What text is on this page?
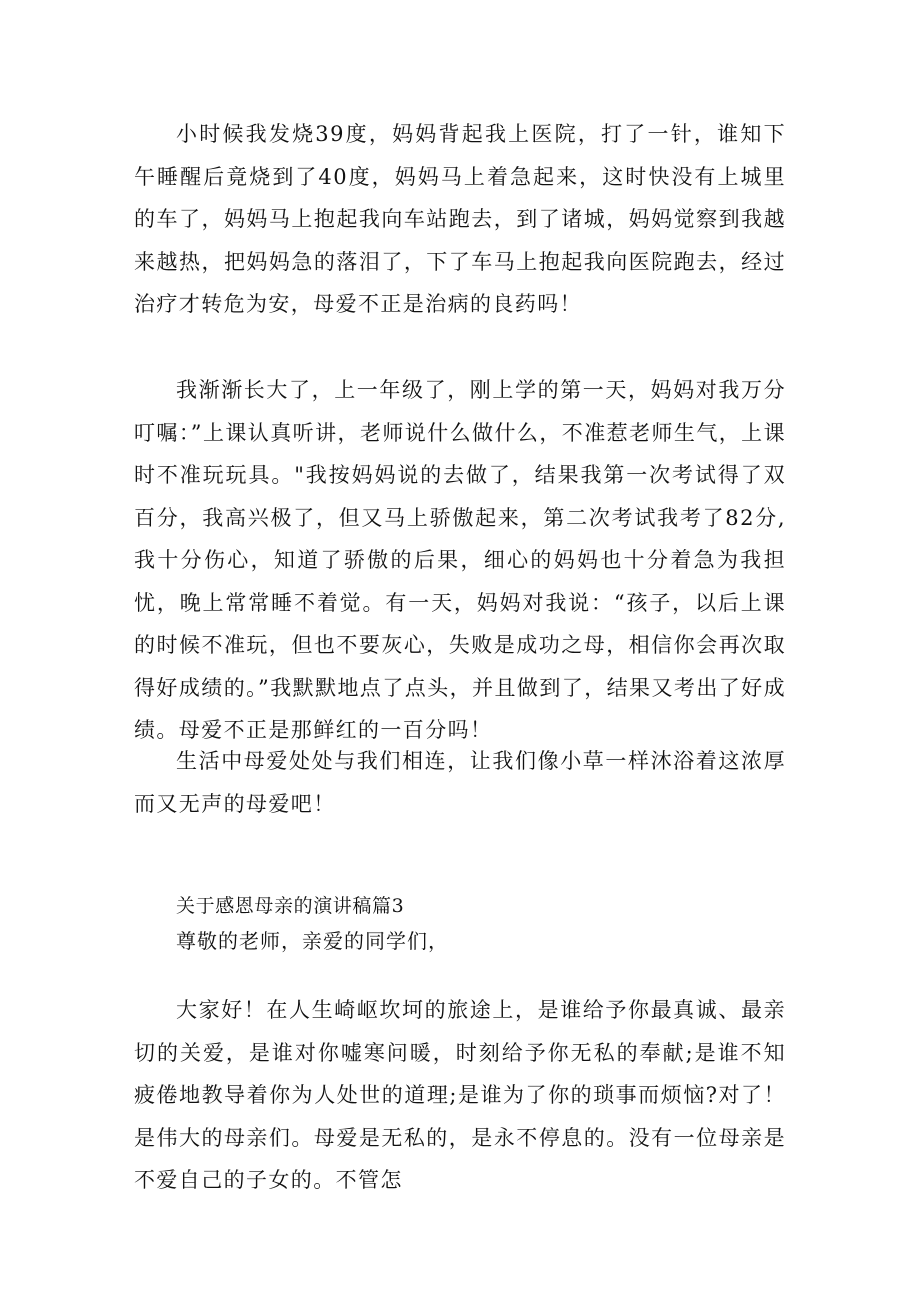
小时候我发烧39度，妈妈背起我上医院，打了一针，谁知下午睡醒后竟烧到了40度，妈妈马上着急起来，这时快没有上城里的车了，妈妈马上抱起我向车站跑去，到了诸城，妈妈觉察到我越来越热，把妈妈急的落泪了，下了车马上抱起我向医院跑去，经过治疗才转危为安，母爱不正是治病的良药吗！

我渐渐长大了，上一年级了，刚上学的第一天，妈妈对我万分叮嘱：”上课认真听讲，老师说什么做什么，不准惹老师生气，上课时不准玩玩具。"我按妈妈说的去做了，结果我第一次考试得了双百分，我高兴极了，但又马上骄傲起来，第二次考试我考了82分,我十分伤心，知道了骄傲的后果，细心的妈妈也十分着急为我担忧，晚上常常睡不着觉。有一天，妈妈对我说：“孩子，以后上课的时候不准玩，但也不要灰心，失败是成功之母，相信你会再次取得好成绩的。”我默默地点了点头，并且做到了，结果又考出了好成绩。母爱不正是那鲜红的一百分吗！

生活中母爱处处与我们相连，让我们像小草一样沐浴着这浓厚而又无声的母爱吧！

关于感恩母亲的演讲稿篇3

尊敬的老师，亲爱的同学们，

大家好！在人生崎岖坎坷的旅途上，是谁给予你最真诚、最亲切的关爱，是谁对你嘘寒问暖，时刻给予你无私的奉献;是谁不知疲倦地教导着你为人处世的道理;是谁为了你的琐事而烦恼?对了！是伟大的母亲们。母爱是无私的，是永不停息的。没有一位母亲是不爱自己的子女的。不管怎
